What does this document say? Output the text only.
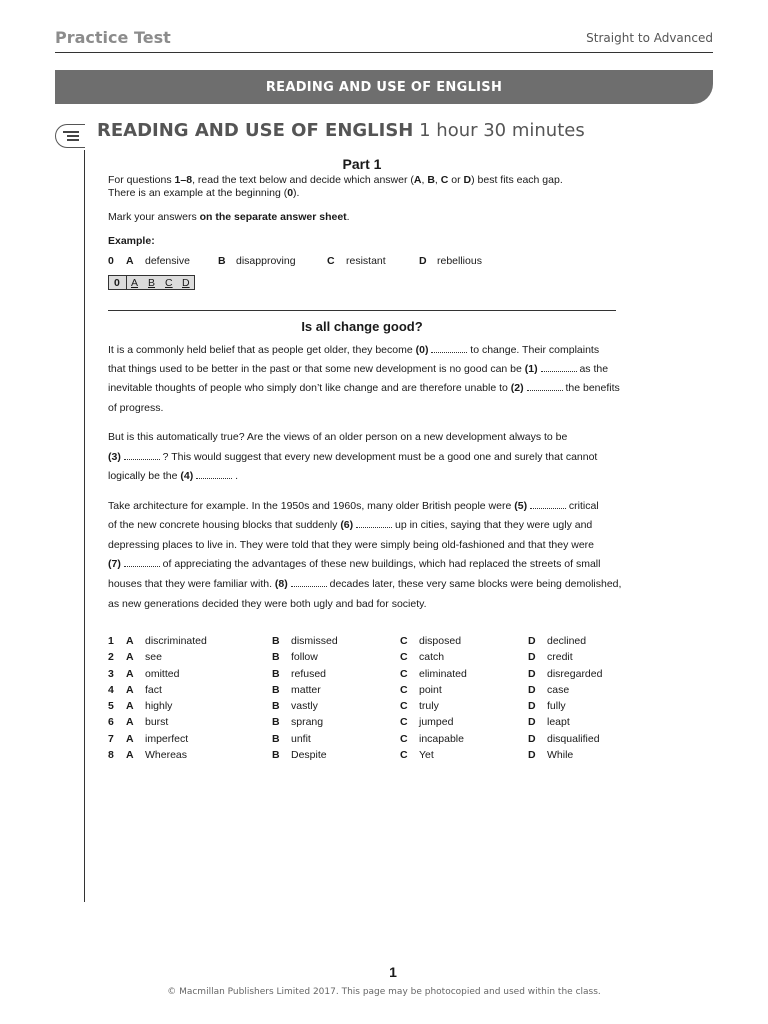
Practice Test	Straight to Advanced
READING AND USE OF ENGLISH
READING AND USE OF ENGLISH 1 hour 30 minutes
Part 1
For questions 1–8, read the text below and decide which answer (A, B, C or D) best fits each gap.
There is an example at the beginning (0).
Mark your answers on the separate answer sheet.
Example:
0 A defensive	B disapproving	C resistant	D rebellious
0 A B C D
Is all change good?
It is a commonly held belief that as people get older, they become (0)	to change. Their complaints
that things used to be better in the past or that some new development is no good can be (1)	as the
inevitable thoughts of people who simply don’t like change and are therefore unable to (2)	the benefits
of progress.
But is this automatically true? Are the views of an older person on a new development always to be
(3)	? This would suggest that every new development must be a good one and surely that cannot
logically be the (4)	.
Take architecture for example. In the 1950s and 1960s, many older British people were (5)	critical
of the new concrete housing blocks that suddenly (6)	up in cities, saying that they were ugly and
depressing places to live in. They were told that they were simply being old-fashioned and that they were
(7)	of appreciating the advantages of these new buildings, which had replaced the streets of small
houses that they were familiar with. (8)	decades later, these very same blocks were being demolished,
as new generations decided they were both ugly and bad for society.
1 A discriminated	B dismissed	C disposed	D declined
2 A see	B follow	C catch	D credit
3 A omitted	B refused	C eliminated	D disregarded
4 A fact	B matter	C point	D case
5 A highly	B vastly	C truly	D fully
6 A burst	B sprang	C jumped	D leapt
7 A imperfect	B unfit	C incapable	D disqualified
8 A Whereas	B Despite	C Yet	D While
1
© Macmillan Publishers Limited 2017. This page may be photocopied and used within the class.
